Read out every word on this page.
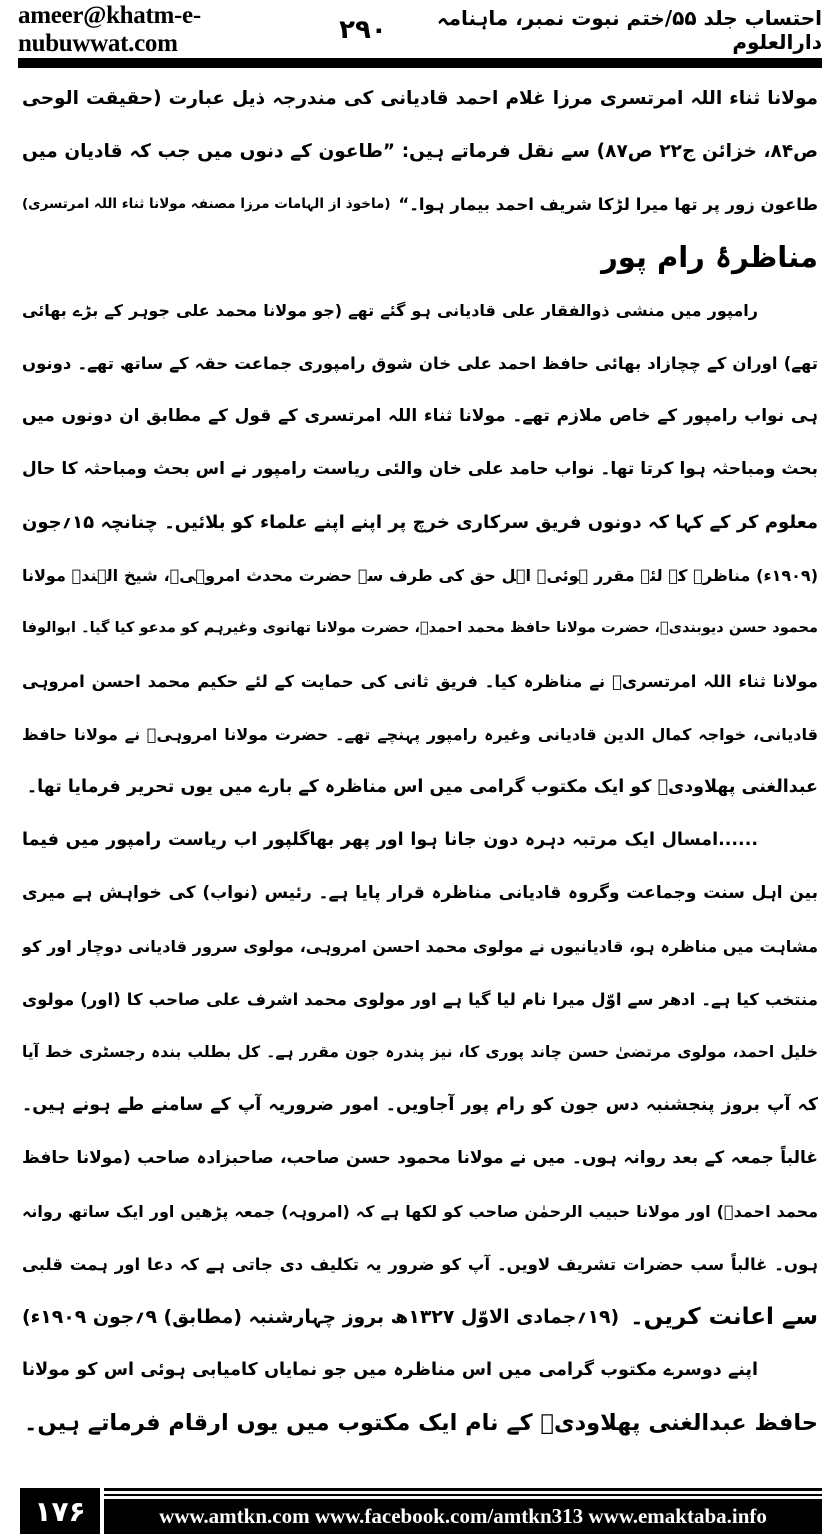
ameer@khatm-e-nubuwwat.com	۲۹۰	احتساب جلد ۵۵/ختم نبوت نمبر، ماہنامہ دارالعلوم
مولانا ثناء اللہ امرتسری مرزا غلام احمد قادیانی کی مندرجہ ذیل عبارت (حقیقت الوحی
ص۸۴، خزائن ج۲۲ ص۸۷) سے نقل فرماتے ہیں: ”طاعون کے دنوں میں جب کہ قادیان میں
طاعون زور پر تھا میرا لڑکا شریف احمد بیمار ہوا۔“
(ماخوذ از الہامات مرزا مصنفہ مولانا ثناء اللہ امرتسری)
مناظرۂ رام پور
رامپور میں منشی ذوالفقار علی قادیانی ہو گئے تھے (جو مولانا محمد علی جوہر کے بڑے بھائی
تھے) اوران کے چچازاد بھائی حافظ احمد علی خان شوق رامپوری جماعت حقہ کے ساتھ تھے۔ دونوں
ہی نواب رامپور کے خاص ملازم تھے۔ مولانا ثناء اللہ امرتسری کے قول کے مطابق ان دونوں میں
بحث ومباحثہ ہوا کرتا تھا۔ نواب حامد علی خان والئی ریاست رامپور نے اس بحث ومباحثہ کا حال
معلوم کر کے کہا کہ دونوں فریق سرکاری خرچ پر اپنے اپنے علماء کو بلائیں۔ چنانچہ ۱۵؍جون
(۱۹۰۹ء) مناظرہ کے لئے مقرر ہوئی۔ اہل حق کی طرف سے حضرت محدث امروہیؒ، شیخ الہندؒ مولانا
محمود حسن دیوبندیؒ، حضرت مولانا حافظ محمد احمدؒ، حضرت مولانا تھانوی وغیرہم کو مدعو کیا گیا۔ ابوالوفا
مولانا ثناء اللہ امرتسریؒ نے مناظرہ کیا۔ فریق ثانی کی حمایت کے لئے حکیم محمد احسن امروہی
قادیانی، خواجہ کمال الدین قادیانی وغیرہ رامپور پہنچے تھے۔ حضرت مولانا امروہیؒ نے مولانا حافظ
عبدالغنی پھلاودیؒ کو ایک مکتوب گرامی میں اس مناظرہ کے بارے میں یوں تحریر فرمایا تھا۔
......امسال ایک مرتبہ دہرہ دون جانا ہوا اور پھر بھاگلپور اب ریاست رامپور میں فیما
بین اہل سنت وجماعت وگروہ قادیانی مناظرہ قرار پایا ہے۔ رئیس (نواب) کی خواہش ہے میری
مشاہت میں مناظرہ ہو، قادیانیوں نے مولوی محمد احسن امروہی، مولوی سرور قادیانی دوچار اور کو
منتخب کیا ہے۔ ادھر سے اوّل میرا نام لیا گیا ہے اور مولوی محمد اشرف علی صاحب کا (اور) مولوی
خلیل احمد، مولوی مرتضیٰ حسن چاند پوری کا، نیز پندرہ جون مقرر ہے۔ کل بطلب بندہ رجسٹری خط آیا
کہ آپ بروز پنجشنبہ دس جون کو رام پور آجاویں۔ امور ضروریہ آپ کے سامنے طے ہونے ہیں۔
غالباً جمعہ کے بعد روانہ ہوں۔ میں نے مولانا محمود حسن صاحب، صاحبزادہ صاحب (مولانا حافظ
محمد احمدؒ) اور مولانا حبیب الرحمٰن صاحب کو لکھا ہے کہ (امروہہ) جمعہ پڑھیں اور ایک ساتھ روانہ
ہوں۔ غالباً سب حضرات تشریف لاویں۔ آپ کو ضرور یہ تکلیف دی جاتی ہے کہ دعا اور ہمت قلبی
سے اعانت کریں۔
(۱۹؍جمادی الاوّل ۱۳۲۷ھ بروز چہارشنبہ (مطابق) ۹؍جون ۱۹۰۹ء)
اپنے دوسرے مکتوب گرامی میں اس مناظرہ میں جو نمایاں کامیابی ہوئی اس کو مولانا
حافظ عبدالغنی پھلاودیؒ کے نام ایک مکتوب میں یوں ارقام فرماتے ہیں۔
۱۷۶	www.amtkn.com www.facebook.com/amtkn313 www.emaktaba.info
